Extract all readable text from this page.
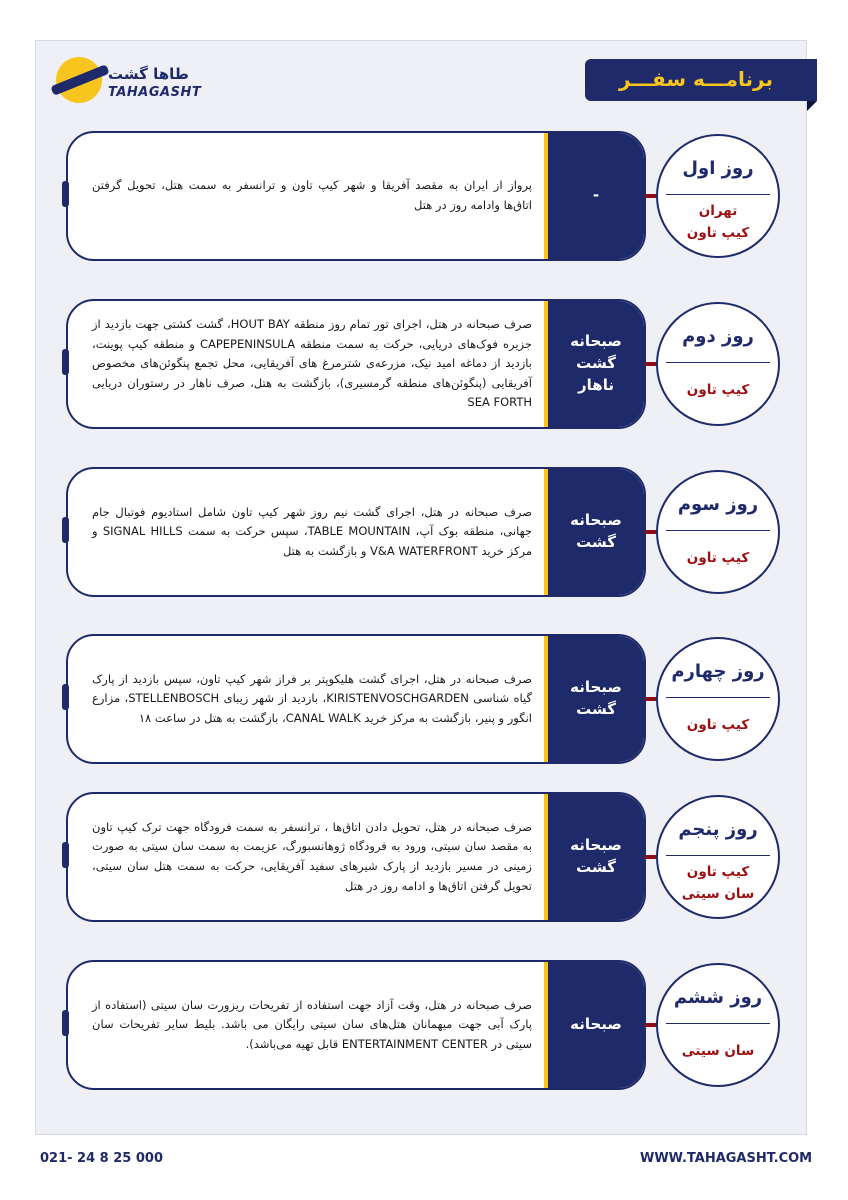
طاها گشت
TAHAGASHT
برنامـــه سفـــر
پرواز از ایران به مقصد آفریقا و شهر کیپ تاون و ترانسفر به سمت هتل، تحویل گرفتن اتاق‌ها وادامه روز در هتل
-
روز اول
تهران
کیپ تاون
صرف صبحانه در هتل، اجرای تور تمام روز منطقه HOUT BAY، گشت کشتی جهت بازدید از جزیره فوک‌های دریایی، حرکت به سمت منطقه CAPEPENINSULA و منطقه کیپ پوینت، بازدید از دماغه امید نیک، مزرعه‌ی شترمرغ های آفریقایی، محل تجمع پنگوئن‌های مخصوص آفریقایی (پنگوئن‌های منطقه گرمسیری)، بازگشت به هتل، صرف ناهار در رستوران دریایی SEA FORTH
صبحانه
گشت
ناهار
روز دوم
کیپ تاون
صرف صبحانه در هتل، اجرای گشت نیم روز شهر کیپ تاون شامل استادیوم فوتبال جام جهانی، منطقه بوک آپ، TABLE MOUNTAIN، سپس حرکت به سمت SIGNAL HILLS و مرکز خرید V&A WATERFRONT و بازگشت به هتل
صبحانه
گشت
روز سوم
کیپ تاون
صرف صبحانه در هتل، اجرای گشت هلیکوپتر بر فراز شهر کیپ تاون، سپس بازدید از پارک گیاه شناسی KIRISTENVOSCHGARDEN، بازدید از شهر زیبای STELLENBOSCH، مزارع انگور و پنیر، بازگشت به مرکز خرید CANAL WALK، بازگشت به هتل در ساعت ۱۸
صبحانه
گشت
روز چهارم
کیپ تاون
صرف صبحانه در هتل، تحویل دادن اتاق‌ها ، ترانسفر به سمت فرودگاه جهت ترک کیپ تاون به مقصد سان سیتی، ورود به فرودگاه ژوهانسبورگ، عزیمت به سمت سان سیتی به صورت زمینی در مسیر بازدید از پارک شیرهای سفید آفریقایی، حرکت به سمت هتل سان سیتی، تحویل گرفتن اتاق‌ها و ادامه روز در هتل
صبحانه
گشت
روز پنجم
کیپ تاون
سان سیتی
صرف صبحانه در هتل، وقت آزاد جهت استفاده از تفریحات ریزورت سان سیتی (استفاده از پارک آبی جهت میهمانان هتل‌های سان سیتی رایگان می باشد. بلیط سایر تفریحات سان سیتی در ENTERTAINMENT CENTER قابل تهیه می‌باشد).
صبحانه
روز ششم
سان سیتی
021- 24 8 25 000	WWW.TAHAGASHT.COM
